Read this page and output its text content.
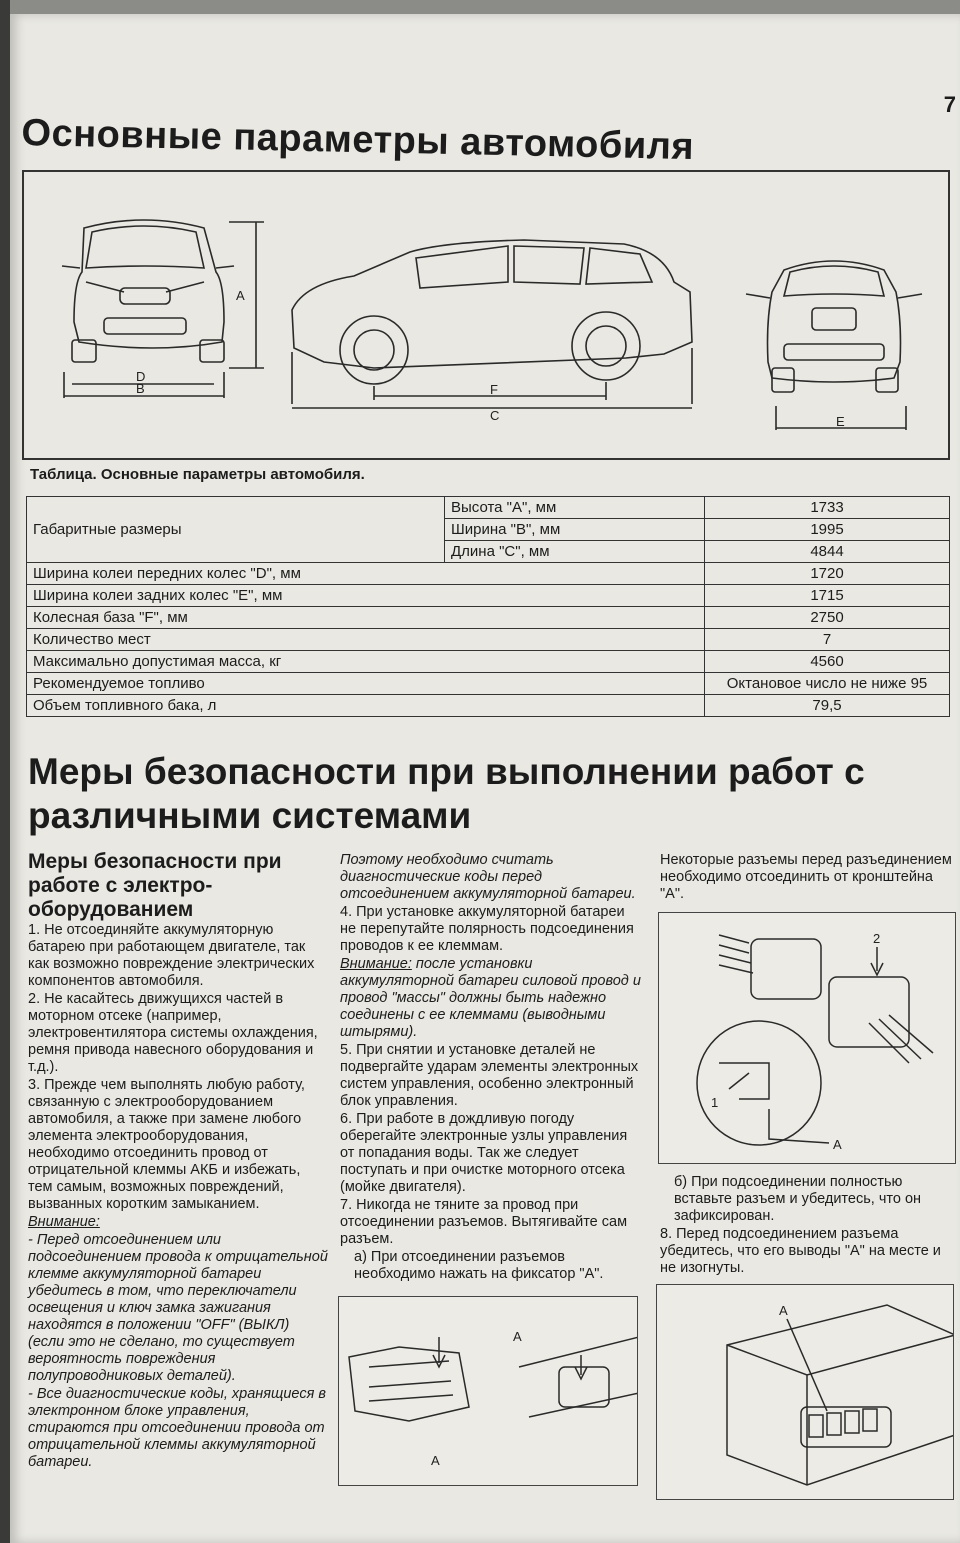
7
Основные параметры автомобиля
A
D
B	F
C	E

Таблица. Основные параметры автомобиля.

Габаритные размеры	Высота "A", мм	1733
	Ширина "B", мм	1995
	Длина "C", мм	4844
Ширина колеи передних колес "D", мм		1720
Ширина колеи задних колес "E", мм		1715
Колесная база "F", мм		2750
Количество мест		7
Максимально допустимая масса, кг		4560
Рекомендуемое топливо		Октановое число не ниже 95
Объем топливного бака, л		79,5
Меры безопасности при выполнении работ с различными системами
Меры безопасности при работе с электро-оборудованием

1. Не отсоединяйте аккумуляторную батарею при работающем двигателе, так как возможно повреждение электрических компонентов автомобиля.

2. Не касайтесь движущихся частей в моторном отсеке (например, электровентилятора системы охлаждения, ремня привода навесного оборудования и т.д.).

3. Прежде чем выполнять любую работу, связанную с электрооборудованием автомобиля, а также при замене любого элемента электрооборудования, необходимо отсоединить провод от отрицательной клеммы АКБ и избежать, тем самым, возможных повреждений, вызванных коротким замыканием.

Внимание:

- Перед отсоединением или подсоединением провода к отрицательной клемме аккумуляторной батареи убедитесь в том, что переключатели освещения и ключ замка зажигания находятся в положении "OFF" (ВЫКЛ) (если это не сделано, то существует вероятность повреждения полупроводниковых деталей).

- Все диагностические коды, хранящиеся в электронном блоке управления, стираются при отсоединении провода от отрицательной клеммы аккумуляторной батареи.

Поэтому необходимо считать диагностические коды перед отсоединением аккумуляторной батареи.

4. При установке аккумуляторной батареи не перепутайте полярность подсоединения проводов к ее клеммам.

Внимание: после установки аккумуляторной батареи силовой провод и провод "массы" должны быть надежно соединены с ее клеммами (выводными штырями).

5. При снятии и установке деталей не подвергайте ударам элементы электронных систем управления, особенно электронный блок управления.

6. При работе в дождливую погоду оберегайте электронные узлы управления от попадания воды. Так же следует поступать и при очистке моторного отсека (мойке двигателя).

7. Никогда не тяните за провод при отсоединении разъемов. Вытягивайте сам разъем.

а) При отсоединении разъемов необходимо нажать на фиксатор "A".

A
A

Некоторые разъемы перед разъединением необходимо отсоединить от кронштейна "A".

2
1
A

б) При подсоединении полностью вставьте разъем и убедитесь, что он зафиксирован.

8. Перед подсоединением разъема убедитесь, что его выводы "A" на месте и не изогнуты.

A
